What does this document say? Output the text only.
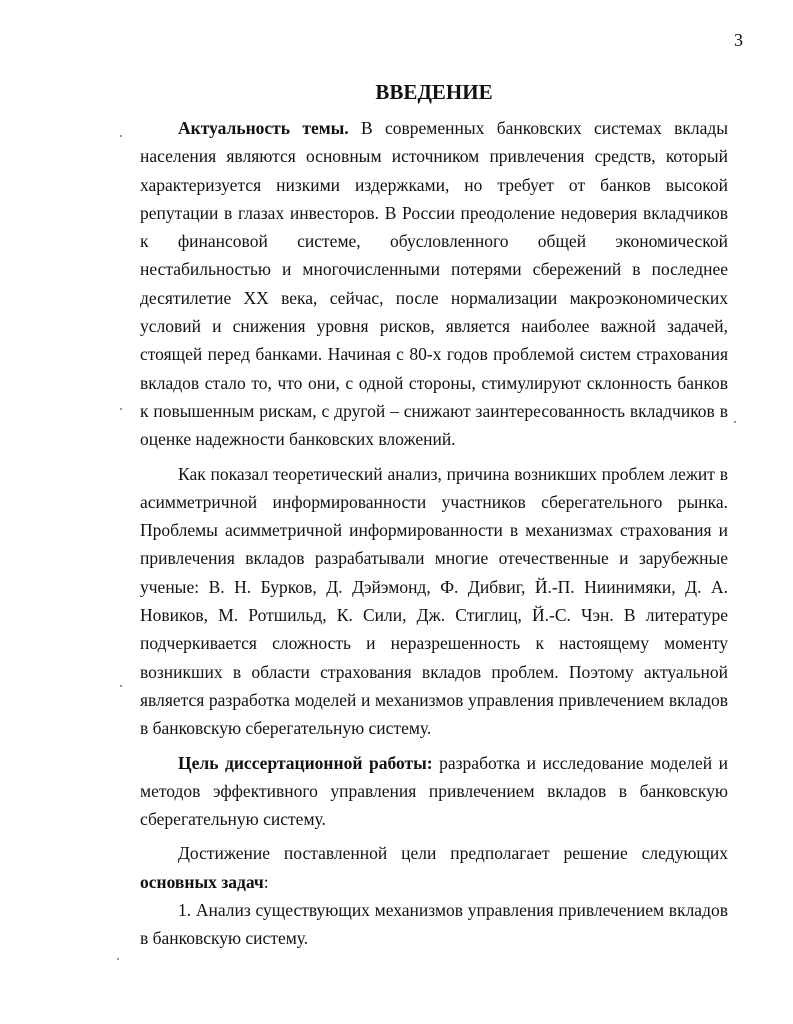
3
ВВЕДЕНИЕ

Актуальность темы. В современных банковских системах вклады населения являются основным источником привлечения средств, который характеризуется низкими издержками, но требует от банков высокой репутации в глазах инвесторов. В России преодоление недоверия вкладчиков к финансовой системе, обусловленного общей экономической нестабильностью и многочисленными потерями сбережений в последнее десятилетие XX века, сейчас, после нормализации макроэкономических условий и снижения уровня рисков, является наиболее важной задачей, стоящей перед банками. Начиная с 80-х годов проблемой систем страхования вкладов стало то, что они, с одной стороны, стимулируют склонность банков к повышенным рискам, с другой – снижают заинтересованность вкладчиков в оценке надежности банковских вложений.

Как показал теоретический анализ, причина возникших проблем лежит в асимметричной информированности участников сберегательного рынка. Проблемы асимметричной информированности в механизмах страхования и привлечения вкладов разрабатывали многие отечественные и зарубежные ученые: В. Н. Бурков, Д. Дэйэмонд, Ф. Дибвиг, Й.-П. Ниинимяки, Д. А. Новиков, М. Ротшильд, К. Сили, Дж. Стиглиц, Й.-С. Чэн. В литературе подчеркивается сложность и неразрешенность к настоящему моменту возникших в области страхования вкладов проблем. Поэтому актуальной является разработка моделей и механизмов управления привлечением вкладов в банковскую сберегательную систему.

Цель диссертационной работы: разработка и исследование моделей и методов эффективного управления привлечением вкладов в банковскую сберегательную систему.

Достижение поставленной цели предполагает решение следующих основных задач:

1. Анализ существующих механизмов управления привлечением вкладов в банковскую систему.
